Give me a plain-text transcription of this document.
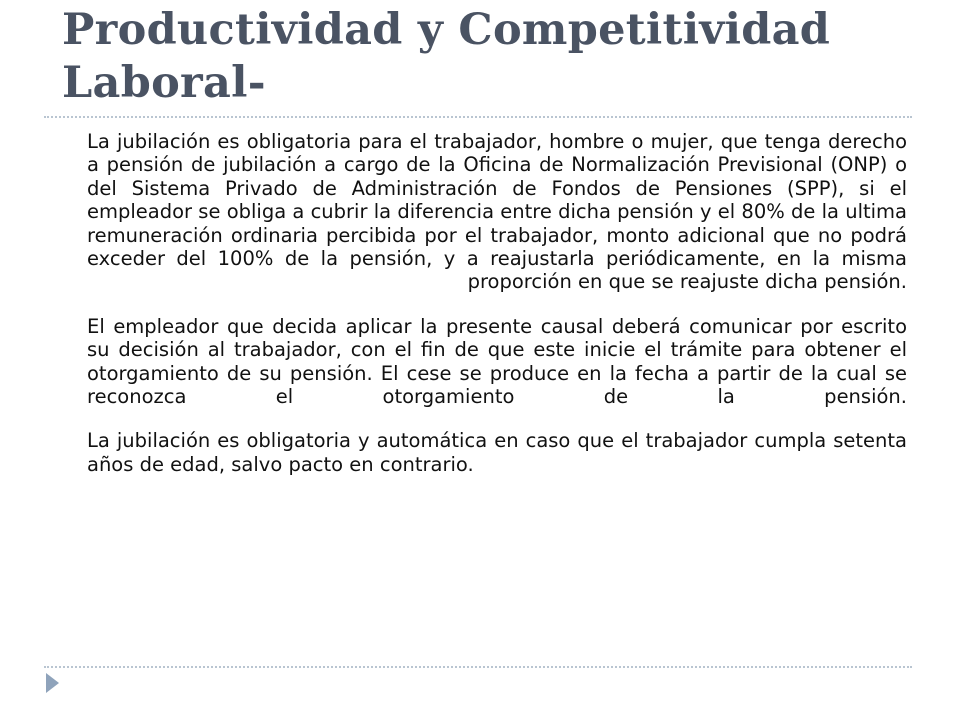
Productividad y Competitividad
Laboral-

La jubilación es obligatoria para el trabajador, hombre o mujer, que tenga derecho a pensión de jubilación a cargo de la Oficina de Normalización Previsional (ONP) o del Sistema Privado de Administración de Fondos de Pensiones (SPP), si el empleador se obliga a cubrir la diferencia entre dicha pensión y el 80% de la ultima remuneración ordinaria percibida por el trabajador, monto adicional que no podrá exceder del 100% de la pensión, y a reajustarla periódicamente, en la misma proporción en que se reajuste dicha pensión.

El empleador que decida aplicar la presente causal deberá comunicar por escrito su decisión al trabajador, con el fin de que este inicie el trámite para obtener el otorgamiento de su pensión. El cese se produce en la fecha a partir de la cual se reconozca el otorgamiento de la pensión.

La jubilación es obligatoria y automática en caso que el trabajador cumpla setenta años de edad, salvo pacto en contrario.
